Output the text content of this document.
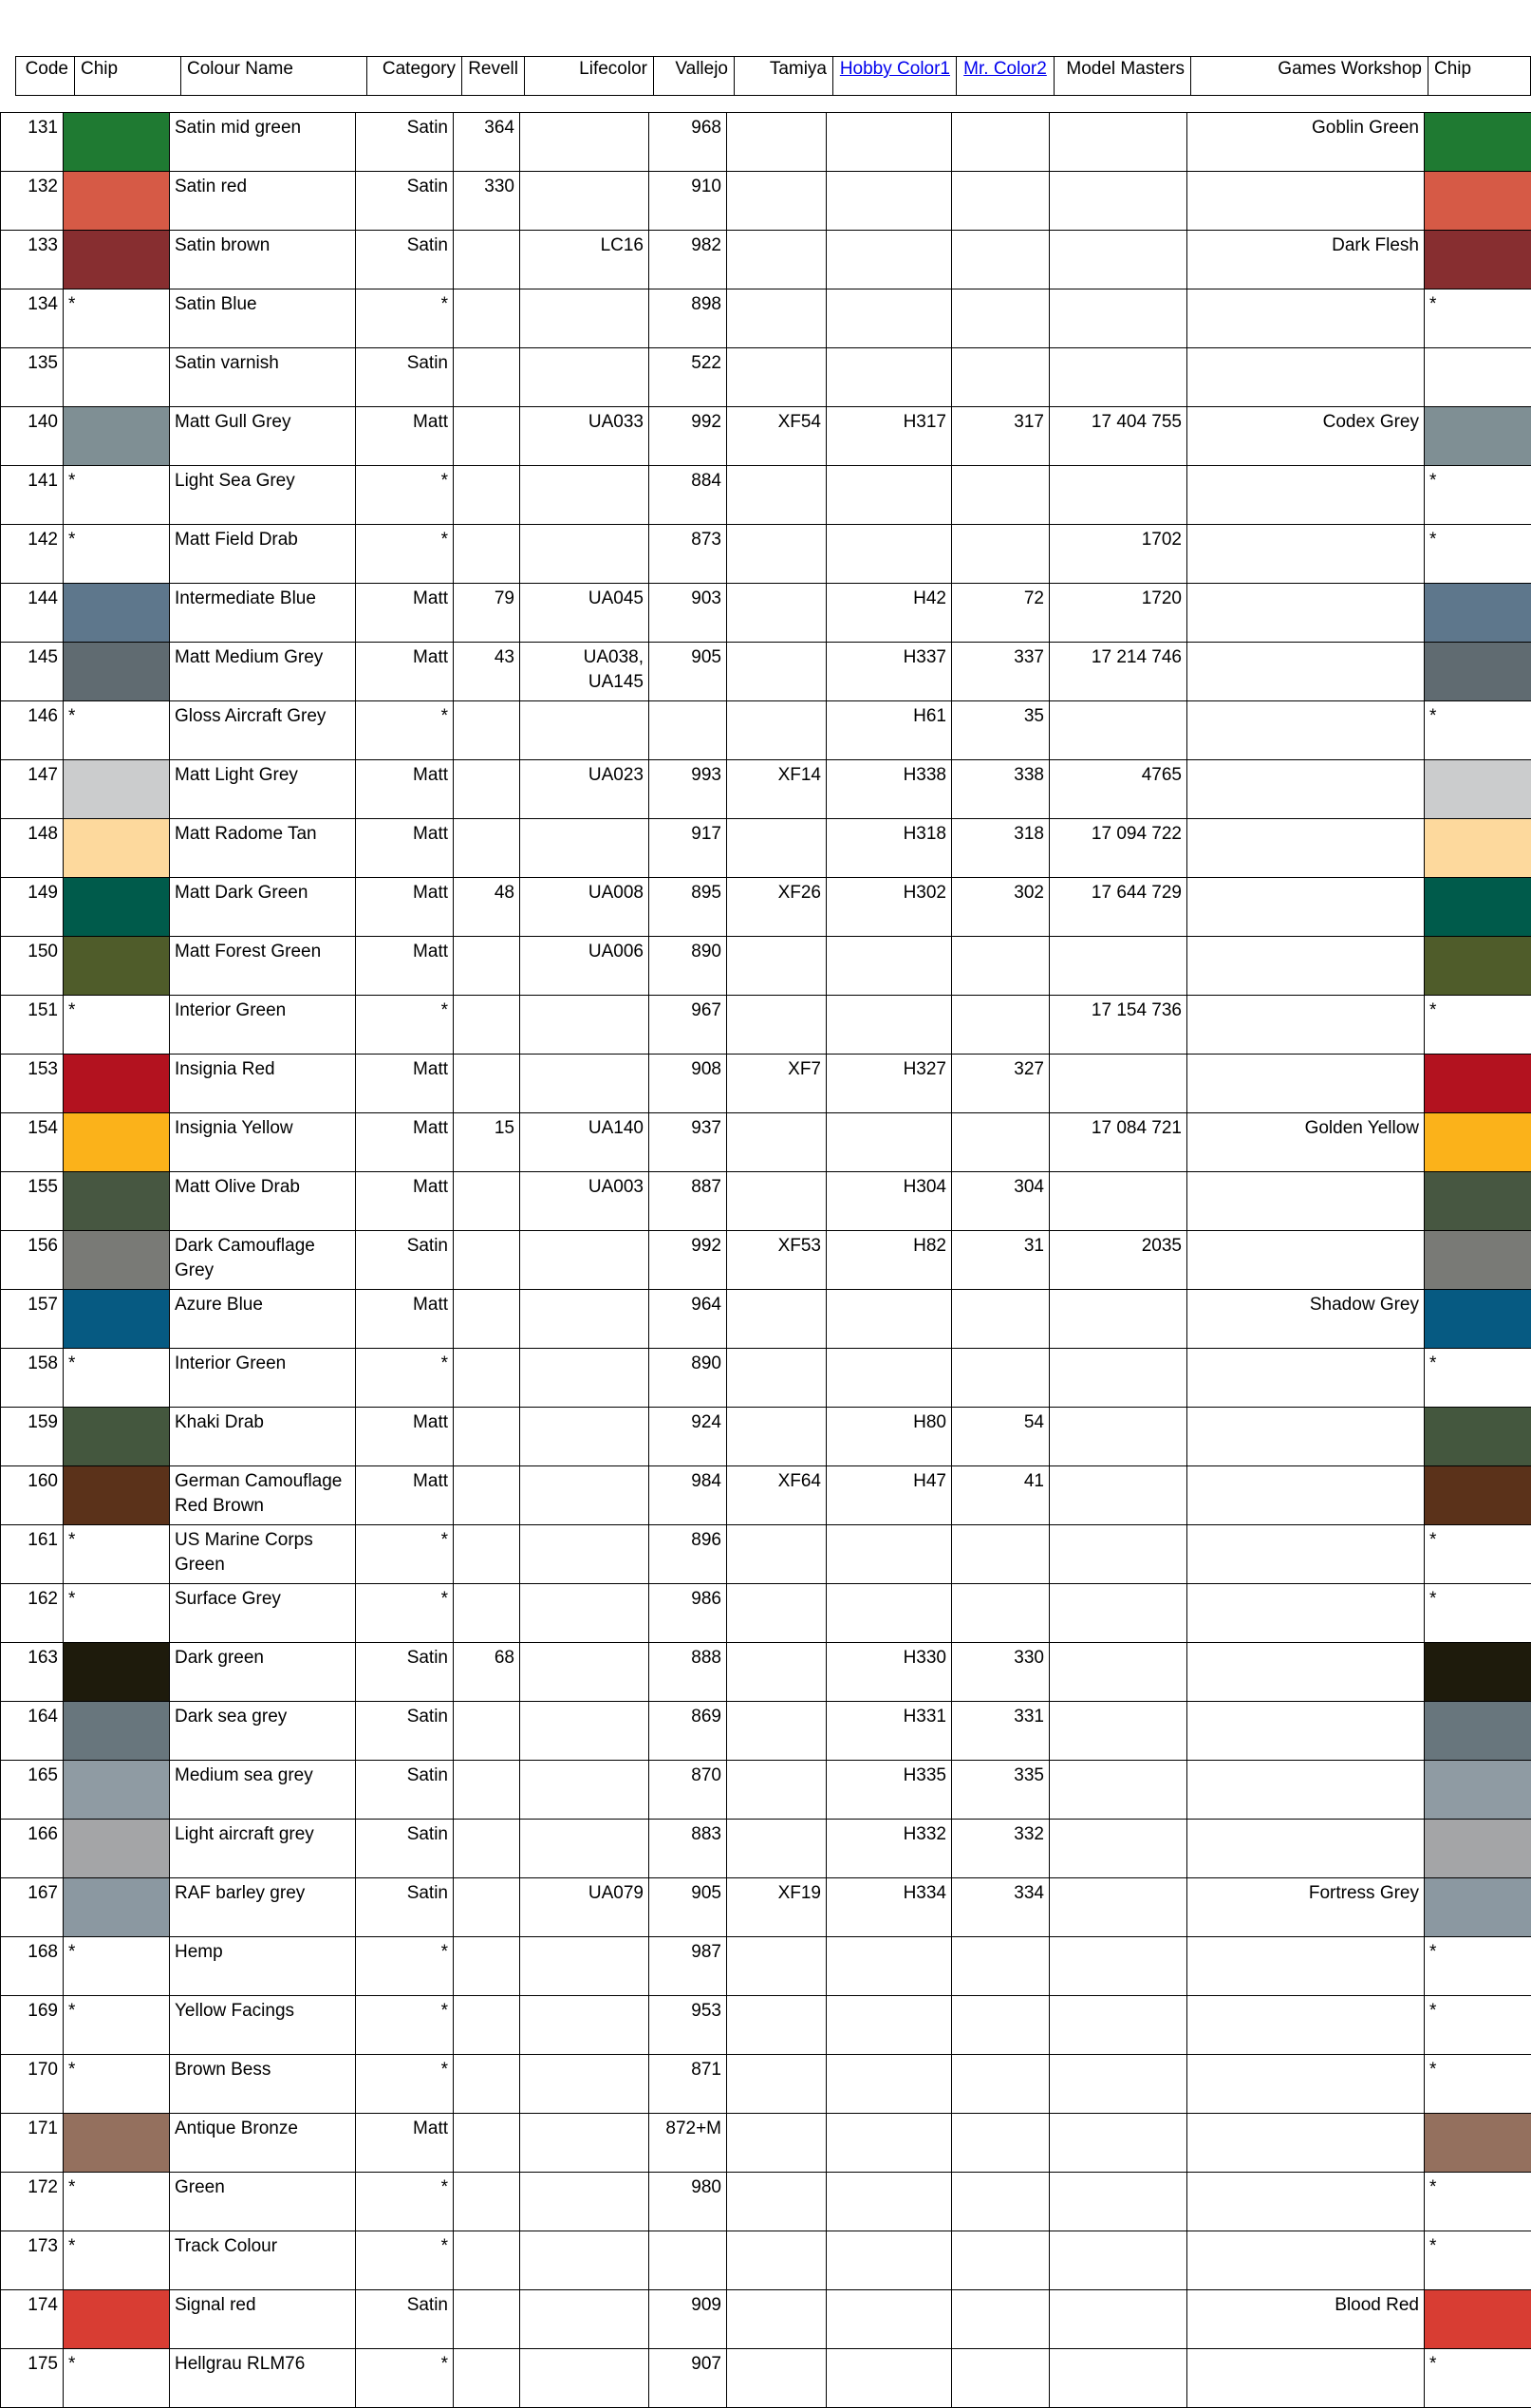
Code	Chip	Colour Name	Category	Revell	Lifecolor	Vallejo	Tamiya	Hobby Color1	Mr. Color2	Model Masters	Games Workshop	Chip
131		Satin mid green	Satin	364		968					Goblin Green	
132		Satin red	Satin	330		910						
133		Satin brown	Satin		LC16	982					Dark Flesh	
134	*	Satin Blue	*			898						*
135		Satin varnish	Satin			522						
140		Matt Gull Grey	Matt		UA033	992	XF54	H317	317	17 404 755	Codex Grey	
141	*	Light Sea Grey	*			884						*
142	*	Matt Field Drab	*			873				1702		*
144		Intermediate Blue	Matt	79	UA045	903		H42	72	1720		
145		Matt Medium Grey	Matt	43	UA038, UA145	905		H337	337	17 214 746		
146	*	Gloss Aircraft Grey	*					H61	35			*
147		Matt Light Grey	Matt		UA023	993	XF14	H338	338	4765		
148		Matt Radome Tan	Matt			917		H318	318	17 094 722		
149		Matt Dark Green	Matt	48	UA008	895	XF26	H302	302	17 644 729		
150		Matt Forest Green	Matt		UA006	890						
151	*	Interior Green	*			967				17 154 736		*
153		Insignia Red	Matt			908	XF7	H327	327			
154		Insignia Yellow	Matt	15	UA140	937				17 084 721	Golden Yellow	
155		Matt Olive Drab	Matt		UA003	887		H304	304			
156		Dark Camouflage Grey	Satin			992	XF53	H82	31	2035		
157		Azure Blue	Matt			964					Shadow Grey	
158	*	Interior Green	*			890						*
159		Khaki Drab	Matt			924		H80	54			
160		German Camouflage Red Brown	Matt			984	XF64	H47	41			
161	*	US Marine Corps Green	*			896						*
162	*	Surface Grey	*			986						*
163		Dark green	Satin	68		888		H330	330			
164		Dark sea grey	Satin			869		H331	331			
165		Medium sea grey	Satin			870		H335	335			
166		Light aircraft grey	Satin			883		H332	332			
167		RAF barley grey	Satin		UA079	905	XF19	H334	334		Fortress Grey	
168	*	Hemp	*			987						*
169	*	Yellow Facings	*			953						*
170	*	Brown Bess	*			871						*
171		Antique Bronze	Matt			872+M						
172	*	Green	*			980						*
173	*	Track Colour	*									*
174		Signal red	Satin			909					Blood Red	
175	*	Hellgrau RLM76	*			907						*
